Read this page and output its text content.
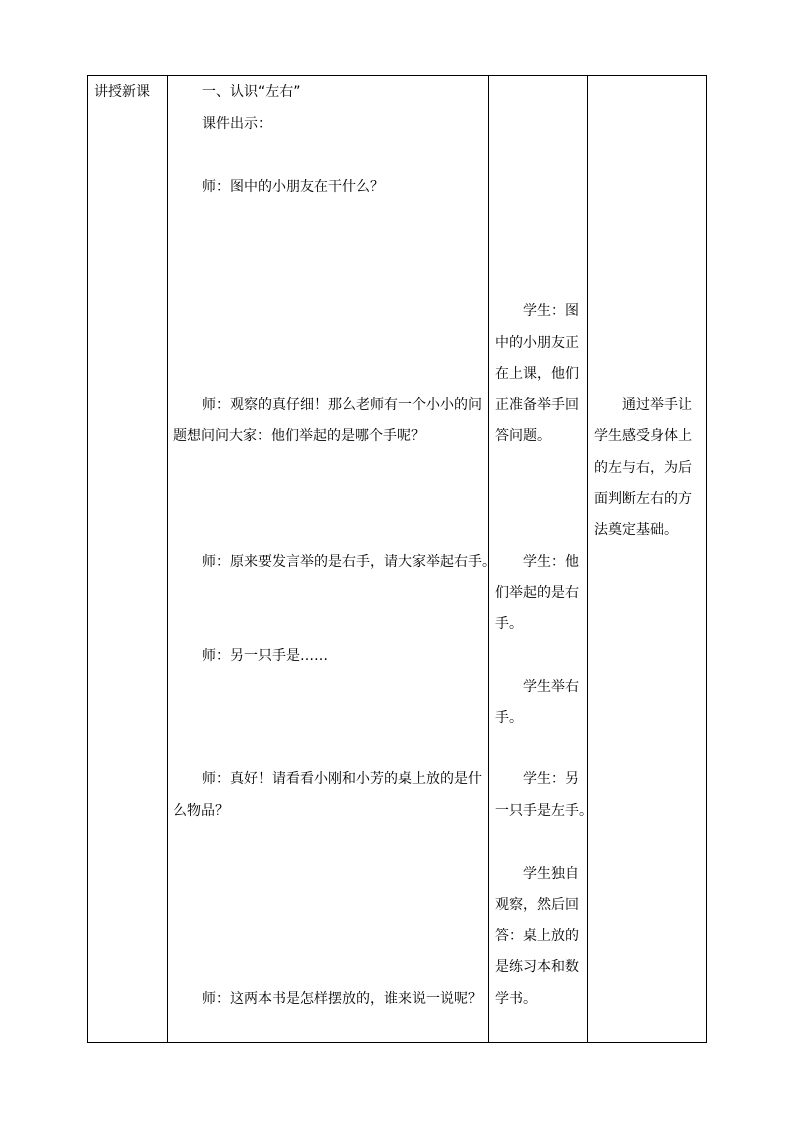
讲授新课	一、认识“左右”
课件出示：
师：图中的小朋友在干什么？
师：观察的真仔细！那么老师有一个小小的问
题想问问大家：他们举起的是哪个手呢？
师：原来要发言举的是右手，请大家举起右手。
师：另一只手是……
师：真好！请看看小刚和小芳的桌上放的是什
么物品？
师：这两本书是怎样摆放的，谁来说一说呢？
学生：图
中的小朋友正
在上课，他们
正准备举手回
答问题。
学生：他
们举起的是右
手。
学生举右
手。
学生：另
一只手是左手。
学生独自
观察，然后回
答：桌上放的
是练习本和数
学书。
通过举手让
学生感受身体上
的左与右，为后
面判断左右的方
法奠定基础。
